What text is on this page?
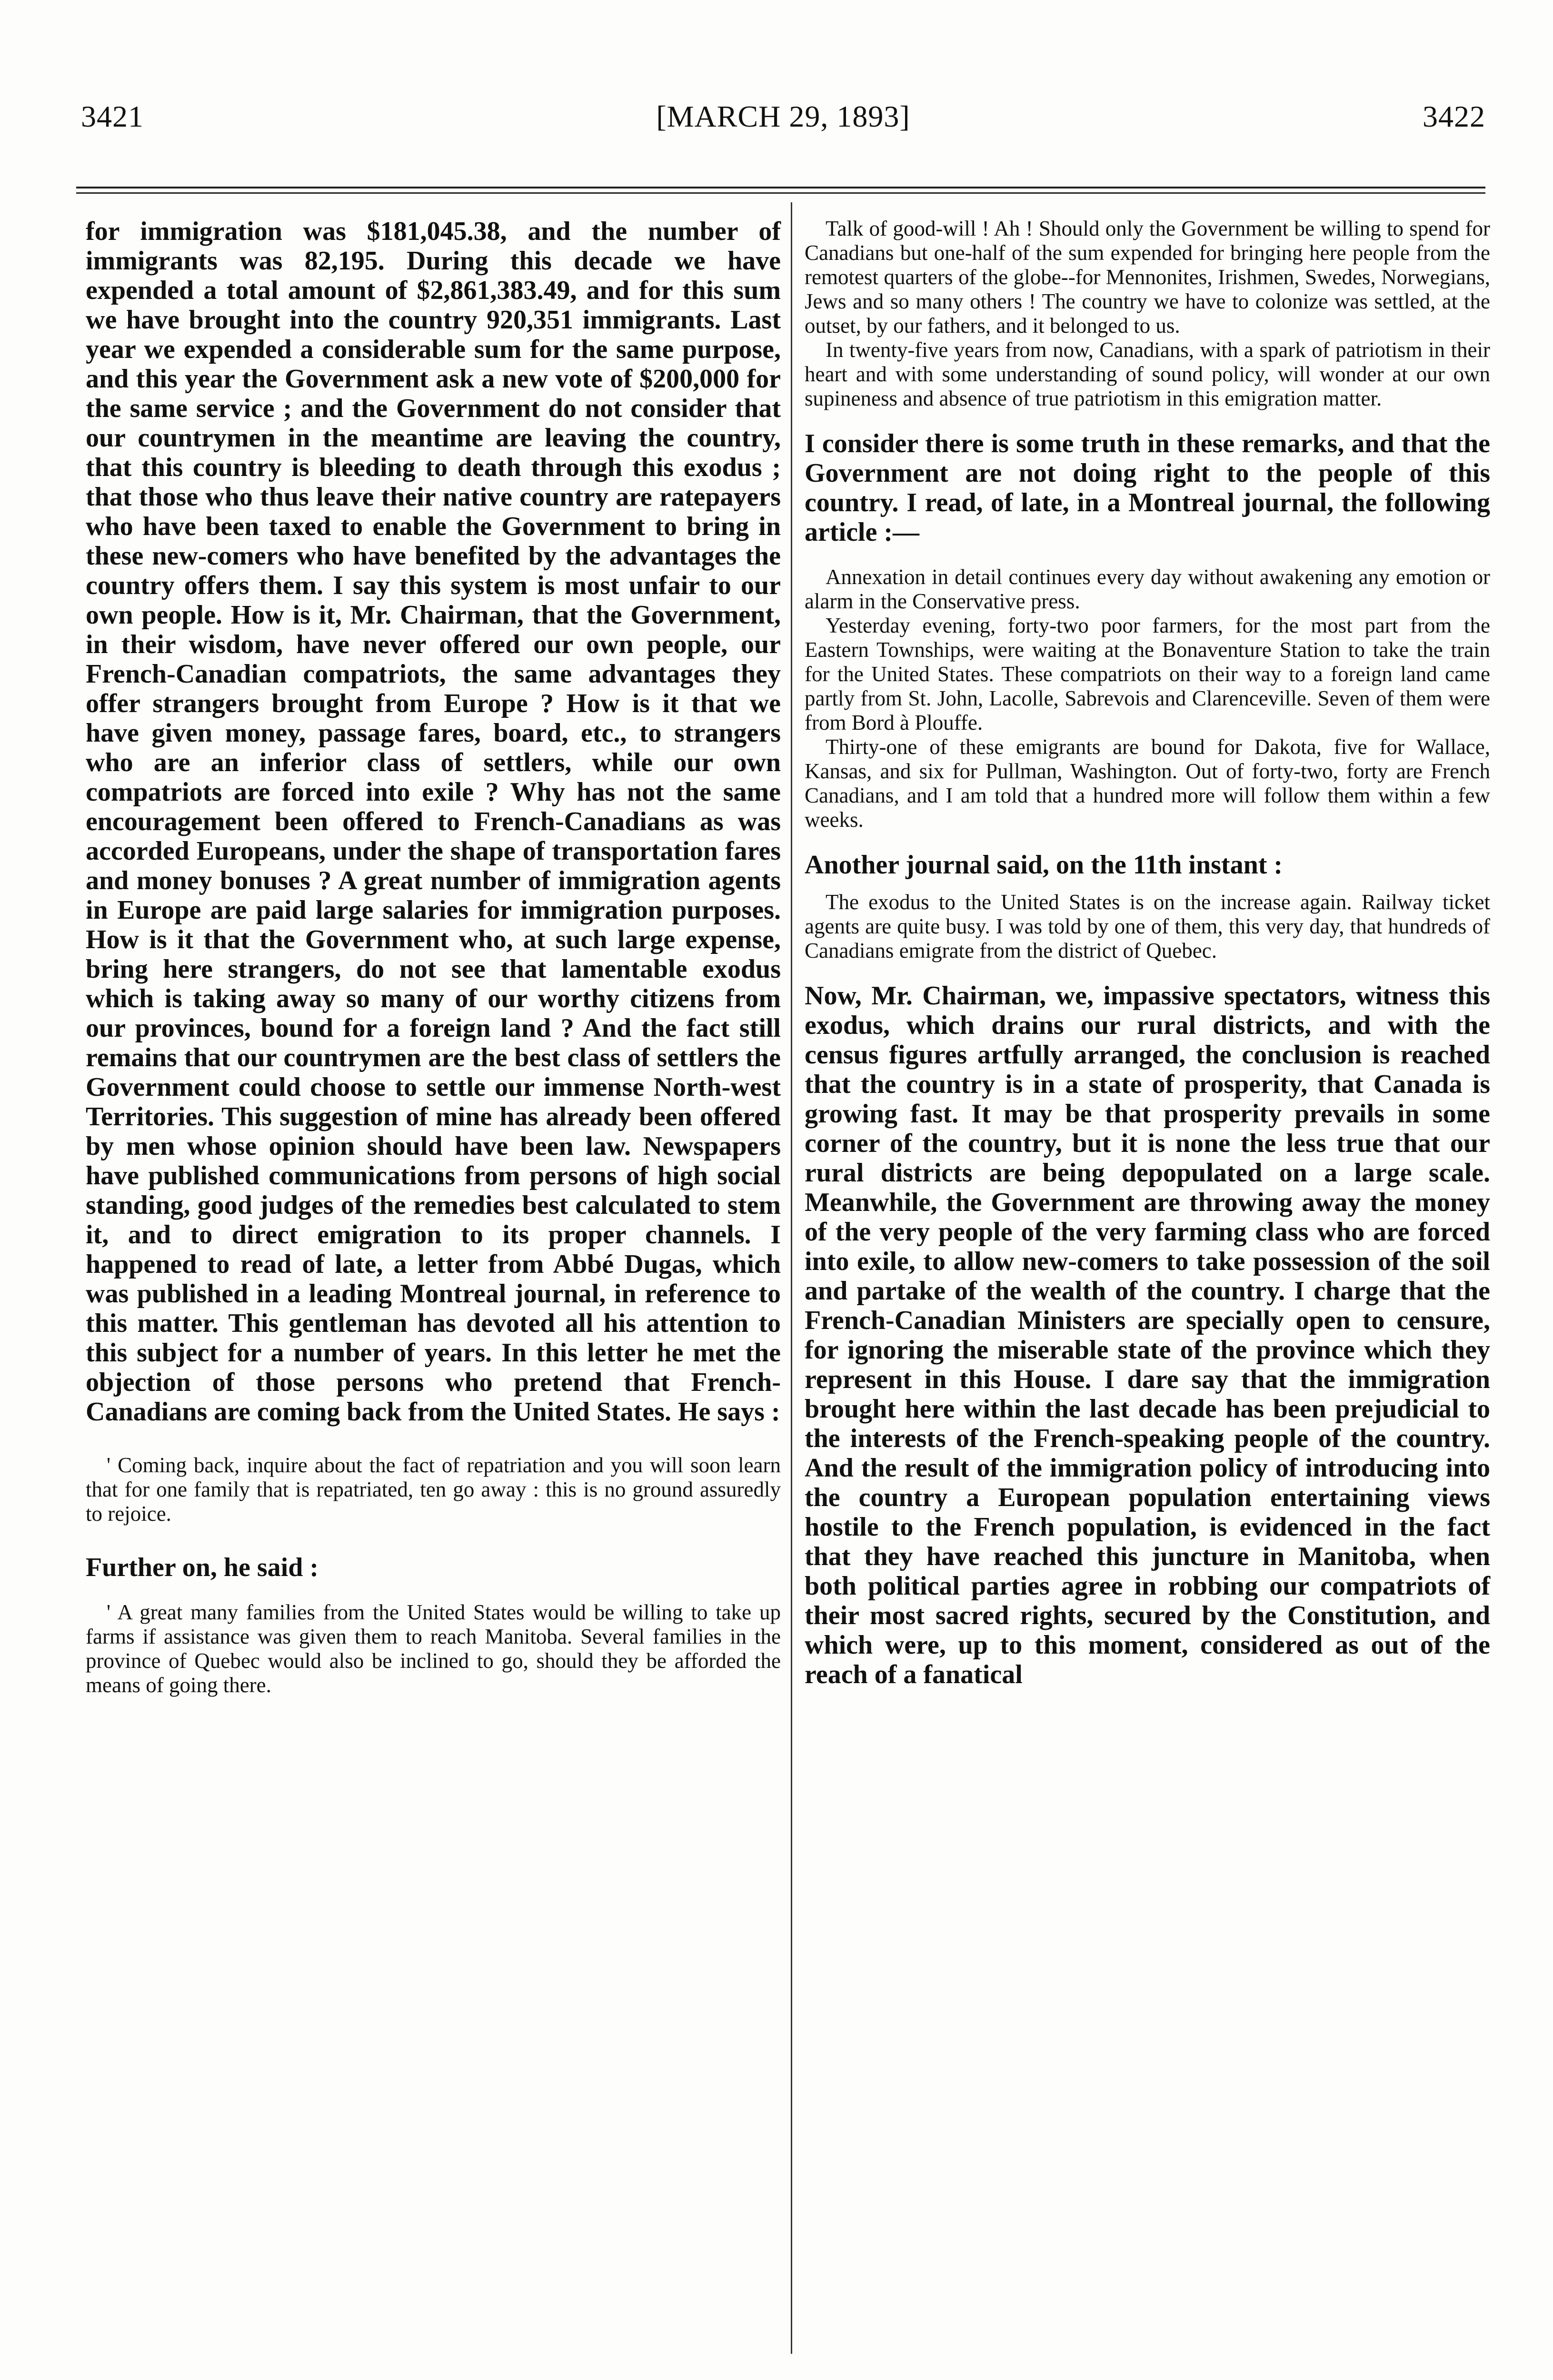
3421	[MARCH 29, 1893]	3422

for immigration was $181,045.38, and the number of immigrants was 82,195. During this decade we have expended a total amount of $2,861,383.49, and for this sum we have brought into the country 920,351 immigrants. Last year we expended a considerable sum for the same purpose, and this year the Government ask a new vote of $200,000 for the same service ; and the Government do not consider that our countrymen in the meantime are leaving the country, that this country is bleeding to death through this exodus ; that those who thus leave their native country are ratepayers who have been taxed to enable the Government to bring in these new-comers who have benefited by the advantages the country offers them. I say this system is most unfair to our own people. How is it, Mr. Chairman, that the Government, in their wisdom, have never offered our own people, our French-Canadian compatriots, the same advantages they offer strangers brought from Europe ? How is it that we have given money, passage fares, board, etc., to strangers who are an inferior class of settlers, while our own compatriots are forced into exile ? Why has not the same encouragement been offered to French-Canadians as was accorded Europeans, under the shape of transportation fares and money bonuses ? A great number of immigration agents in Europe are paid large salaries for immigration purposes. How is it that the Government who, at such large expense, bring here strangers, do not see that lamentable exodus which is taking away so many of our worthy citizens from our provinces, bound for a foreign land ? And the fact still remains that our countrymen are the best class of settlers the Government could choose to settle our immense North-west Territories. This suggestion of mine has already been offered by men whose opinion should have been law. Newspapers have published communications from persons of high social standing, good judges of the remedies best calculated to stem it, and to direct emigration to its proper channels. I happened to read of late, a letter from Abbé Dugas, which was published in a leading Montreal journal, in reference to this matter. This gentleman has devoted all his attention to this subject for a number of years. In this letter he met the objection of those persons who pretend that French-Canadians are coming back from the United States. He says :

' Coming back, inquire about the fact of repatriation and you will soon learn that for one family that is repatriated, ten go away : this is no ground assuredly to rejoice.

Further on, he said :

' A great many families from the United States would be willing to take up farms if assistance was given them to reach Manitoba. Several families in the province of Quebec would also be inclined to go, should they be afforded the means of going there.

Talk of good-will ! Ah ! Should only the Government be willing to spend for Canadians but one-half of the sum expended for bringing here people from the remotest quarters of the globe--for Mennonites, Irishmen, Swedes, Norwegians, Jews and so many others ! The country we have to colonize was settled, at the outset, by our fathers, and it belonged to us.

In twenty-five years from now, Canadians, with a spark of patriotism in their heart and with some understanding of sound policy, will wonder at our own supineness and absence of true patriotism in this emigration matter.

I consider there is some truth in these remarks, and that the Government are not doing right to the people of this country. I read, of late, in a Montreal journal, the following article :—

Annexation in detail continues every day without awakening any emotion or alarm in the Conservative press.

Yesterday evening, forty-two poor farmers, for the most part from the Eastern Townships, were waiting at the Bonaventure Station to take the train for the United States. These compatriots on their way to a foreign land came partly from St. John, Lacolle, Sabrevois and Clarenceville. Seven of them were from Bord à Plouffe.

Thirty-one of these emigrants are bound for Dakota, five for Wallace, Kansas, and six for Pullman, Washington. Out of forty-two, forty are French Canadians, and I am told that a hundred more will follow them within a few weeks.

Another journal said, on the 11th instant :

The exodus to the United States is on the increase again. Railway ticket agents are quite busy. I was told by one of them, this very day, that hundreds of Canadians emigrate from the district of Quebec.

Now, Mr. Chairman, we, impassive spectators, witness this exodus, which drains our rural districts, and with the census figures artfully arranged, the conclusion is reached that the country is in a state of prosperity, that Canada is growing fast. It may be that prosperity prevails in some corner of the country, but it is none the less true that our rural districts are being depopulated on a large scale. Meanwhile, the Government are throwing away the money of the very people of the very farming class who are forced into exile, to allow new-comers to take possession of the soil and partake of the wealth of the country. I charge that the French-Canadian Ministers are specially open to censure, for ignoring the miserable state of the province which they represent in this House. I dare say that the immigration brought here within the last decade has been prejudicial to the interests of the French-speaking people of the country. And the result of the immigration policy of introducing into the country a European population entertaining views hostile to the French population, is evidenced in the fact that they have reached this juncture in Manitoba, when both political parties agree in robbing our compatriots of their most sacred rights, secured by the Constitution, and which were, up to this moment, considered as out of the reach of a fanatical
